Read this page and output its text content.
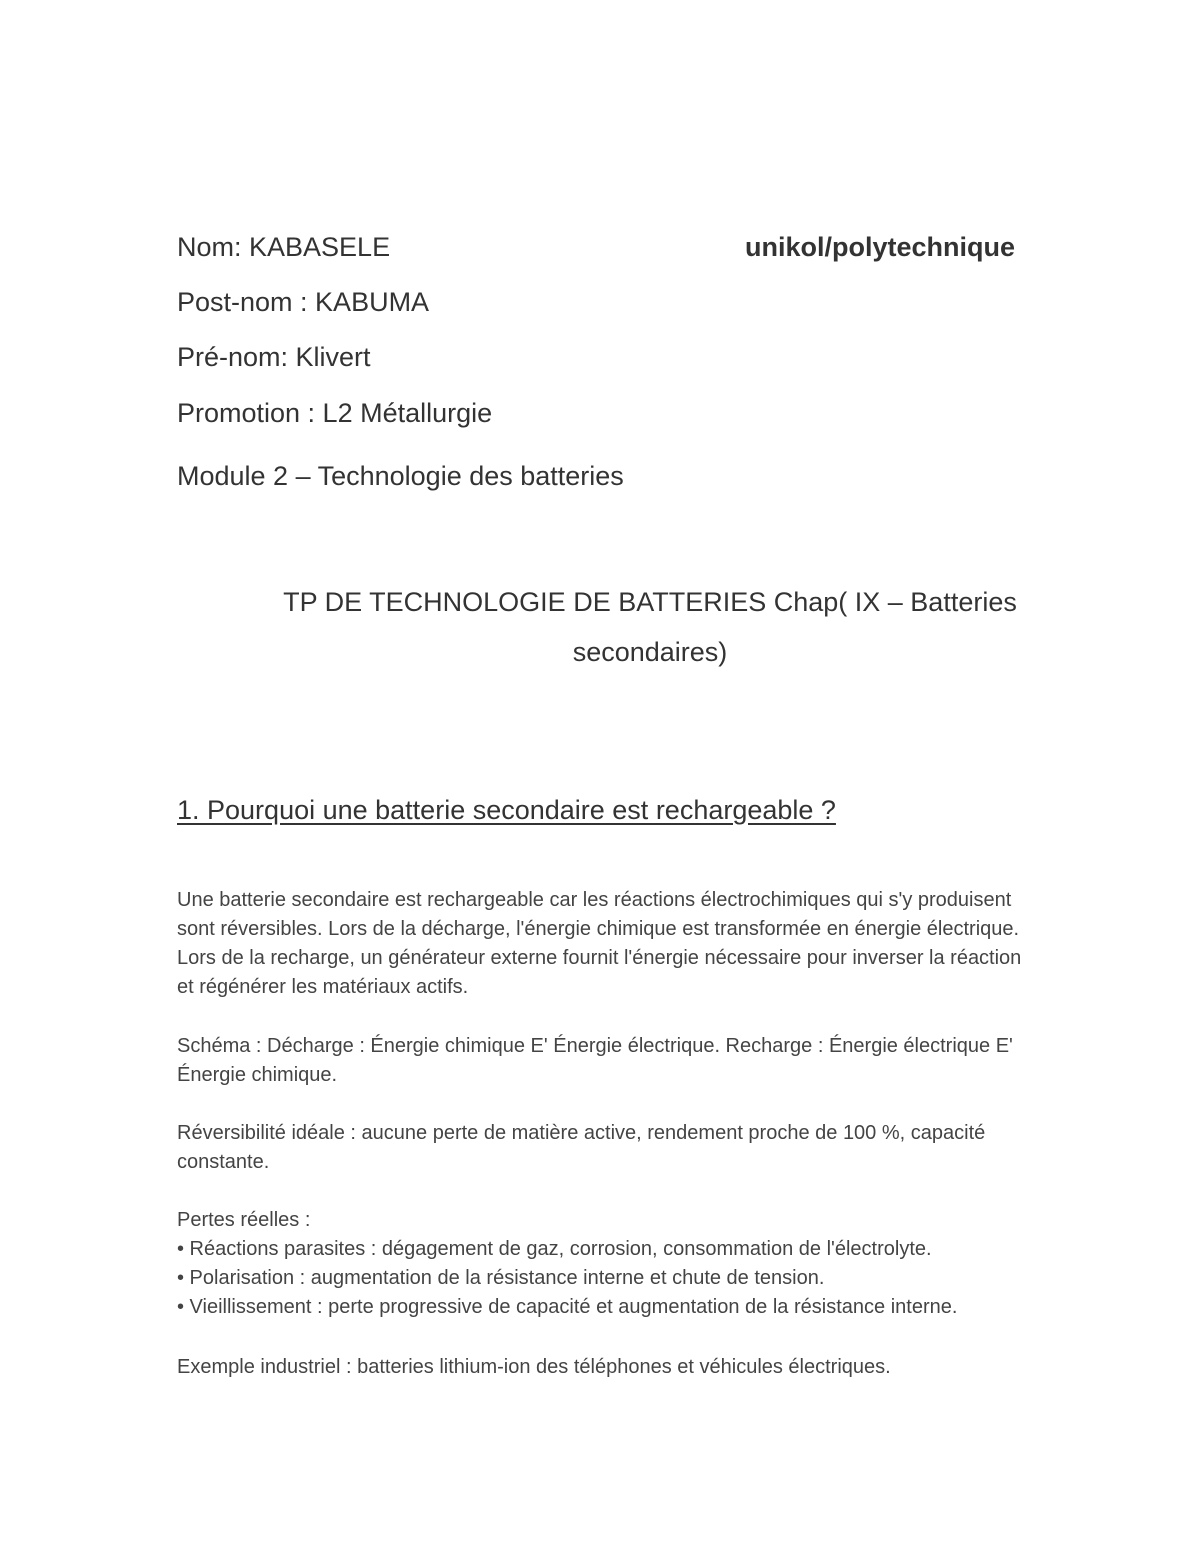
Nom: KABASELE	unikol/polytechnique
Post-nom : KABUMA
Pré-nom: Klivert
Promotion : L2 Métallurgie
Module 2 – Technologie des batteries
TP DE TECHNOLOGIE DE BATTERIES Chap( IX – Batteries
secondaires)
1. Pourquoi une batterie secondaire est rechargeable ?

Une batterie secondaire est rechargeable car les réactions électrochimiques qui s'y produisent sont réversibles. Lors de la décharge, l'énergie chimique est transformée en énergie électrique. Lors de la recharge, un générateur externe fournit l'énergie nécessaire pour inverser la réaction et régénérer les matériaux actifs.

Schéma : Décharge : Énergie chimique E' Énergie électrique. Recharge : Énergie électrique E' Énergie chimique.

Réversibilité idéale : aucune perte de matière active, rendement proche de 100 %, capacité constante.

Pertes réelles :

• Réactions parasites : dégagement de gaz, corrosion, consommation de l'électrolyte.

• Polarisation : augmentation de la résistance interne et chute de tension.

• Vieillissement : perte progressive de capacité et augmentation de la résistance interne.

Exemple industriel : batteries lithium-ion des téléphones et véhicules électriques.
